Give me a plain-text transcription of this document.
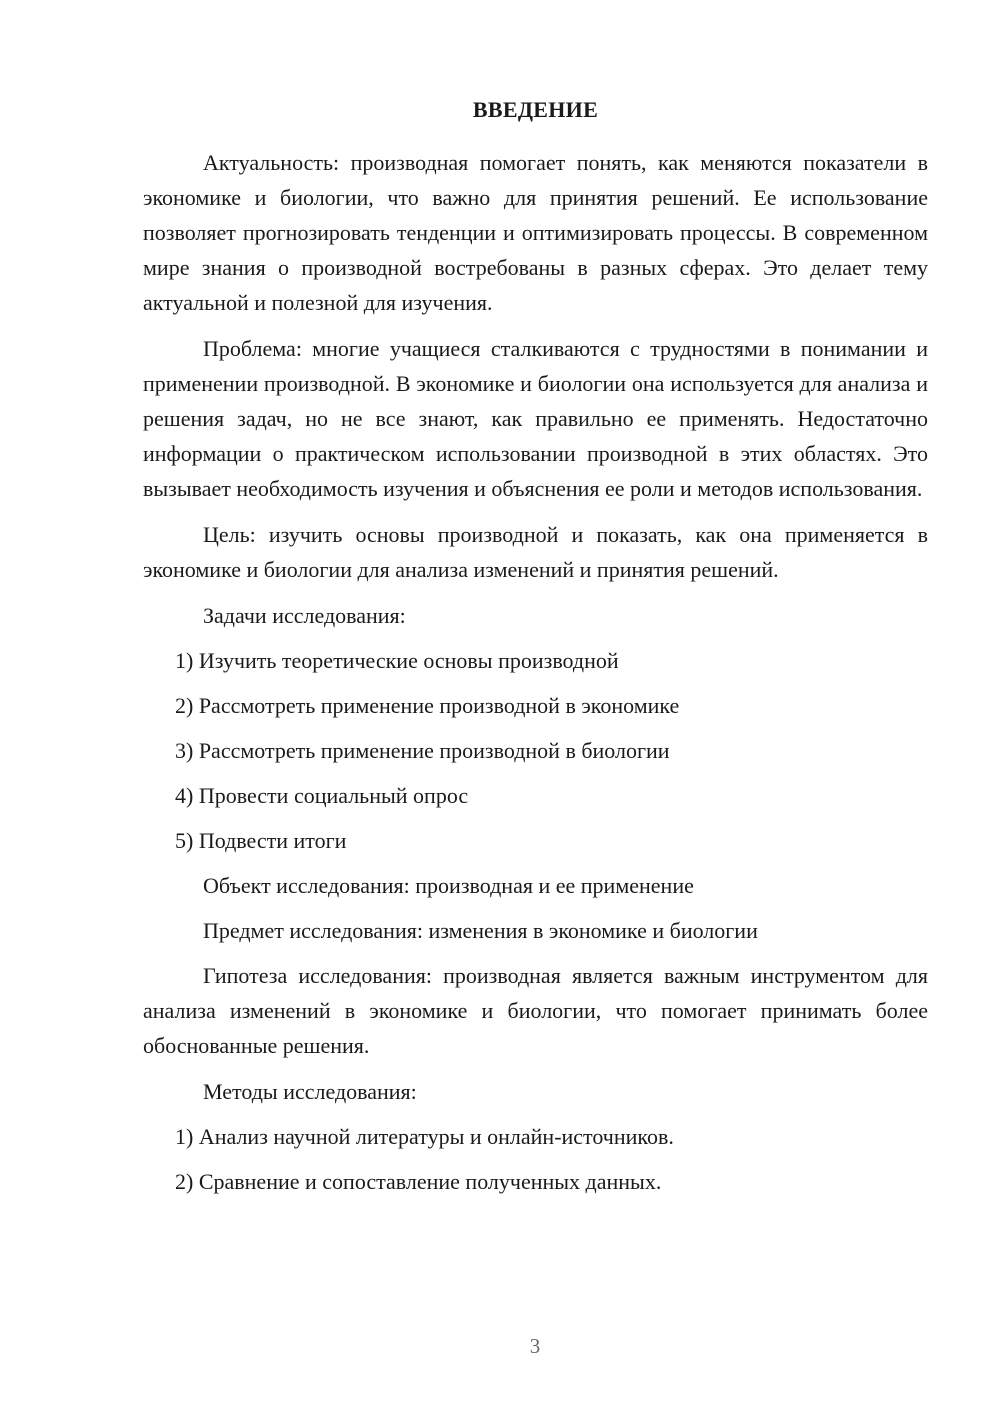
ВВЕДЕНИЕ

Актуальность: производная помогает понять, как меняются показатели в экономике и биологии, что важно для принятия решений. Ее использование позволяет прогнозировать тенденции и оптимизировать процессы. В современном мире знания о производной востребованы в разных сферах. Это делает тему актуальной и полезной для изучения.

Проблема: многие учащиеся сталкиваются с трудностями в понимании и применении производной. В экономике и биологии она используется для анализа и решения задач, но не все знают, как правильно ее применять. Недостаточно информации о практическом использовании производной в этих областях. Это вызывает необходимость изучения и объяснения ее роли и методов использования.

Цель: изучить основы производной и показать, как она применяется в экономике и биологии для анализа изменений и принятия решений.

Задачи исследования:
1) Изучить теоретические основы производной
2) Рассмотреть применение производной в экономике
3) Рассмотреть применение производной в биологии
4) Провести социальный опрос
5) Подвести итоги
Объект исследования: производная и ее применение
Предмет исследования: изменения в экономике и биологии

Гипотеза исследования: производная является важным инструментом для анализа изменений в экономике и биологии, что помогает принимать более обоснованные решения.

Методы исследования:
1) Анализ научной литературы и онлайн-источников.
2) Сравнение и сопоставление полученных данных.
3
